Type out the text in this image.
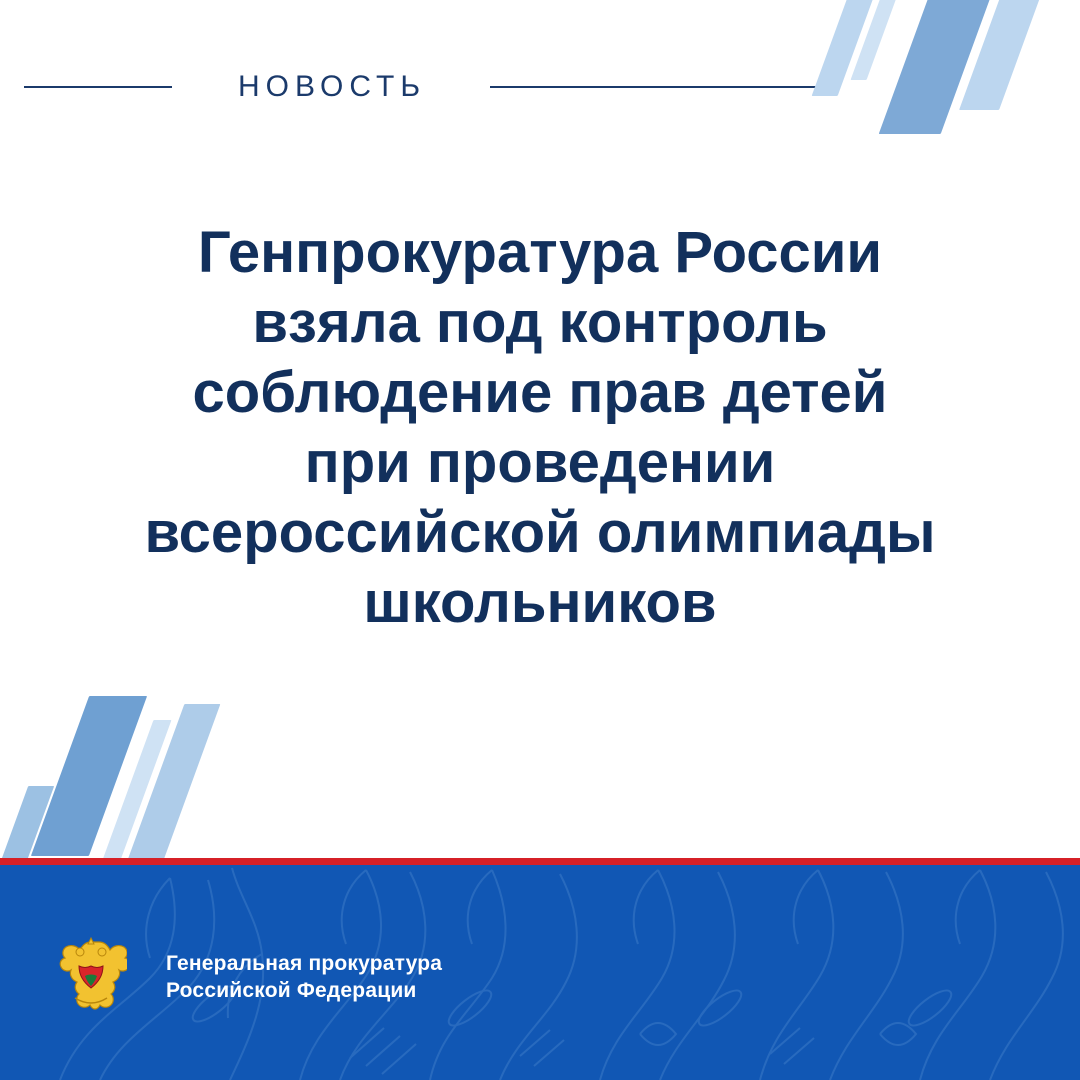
НОВОСТЬ
Генпрокуратура России
взяла под контроль
соблюдение прав детей
при проведении
всероссийской олимпиады
школьников
Генеральная прокуратура
Российской Федерации
